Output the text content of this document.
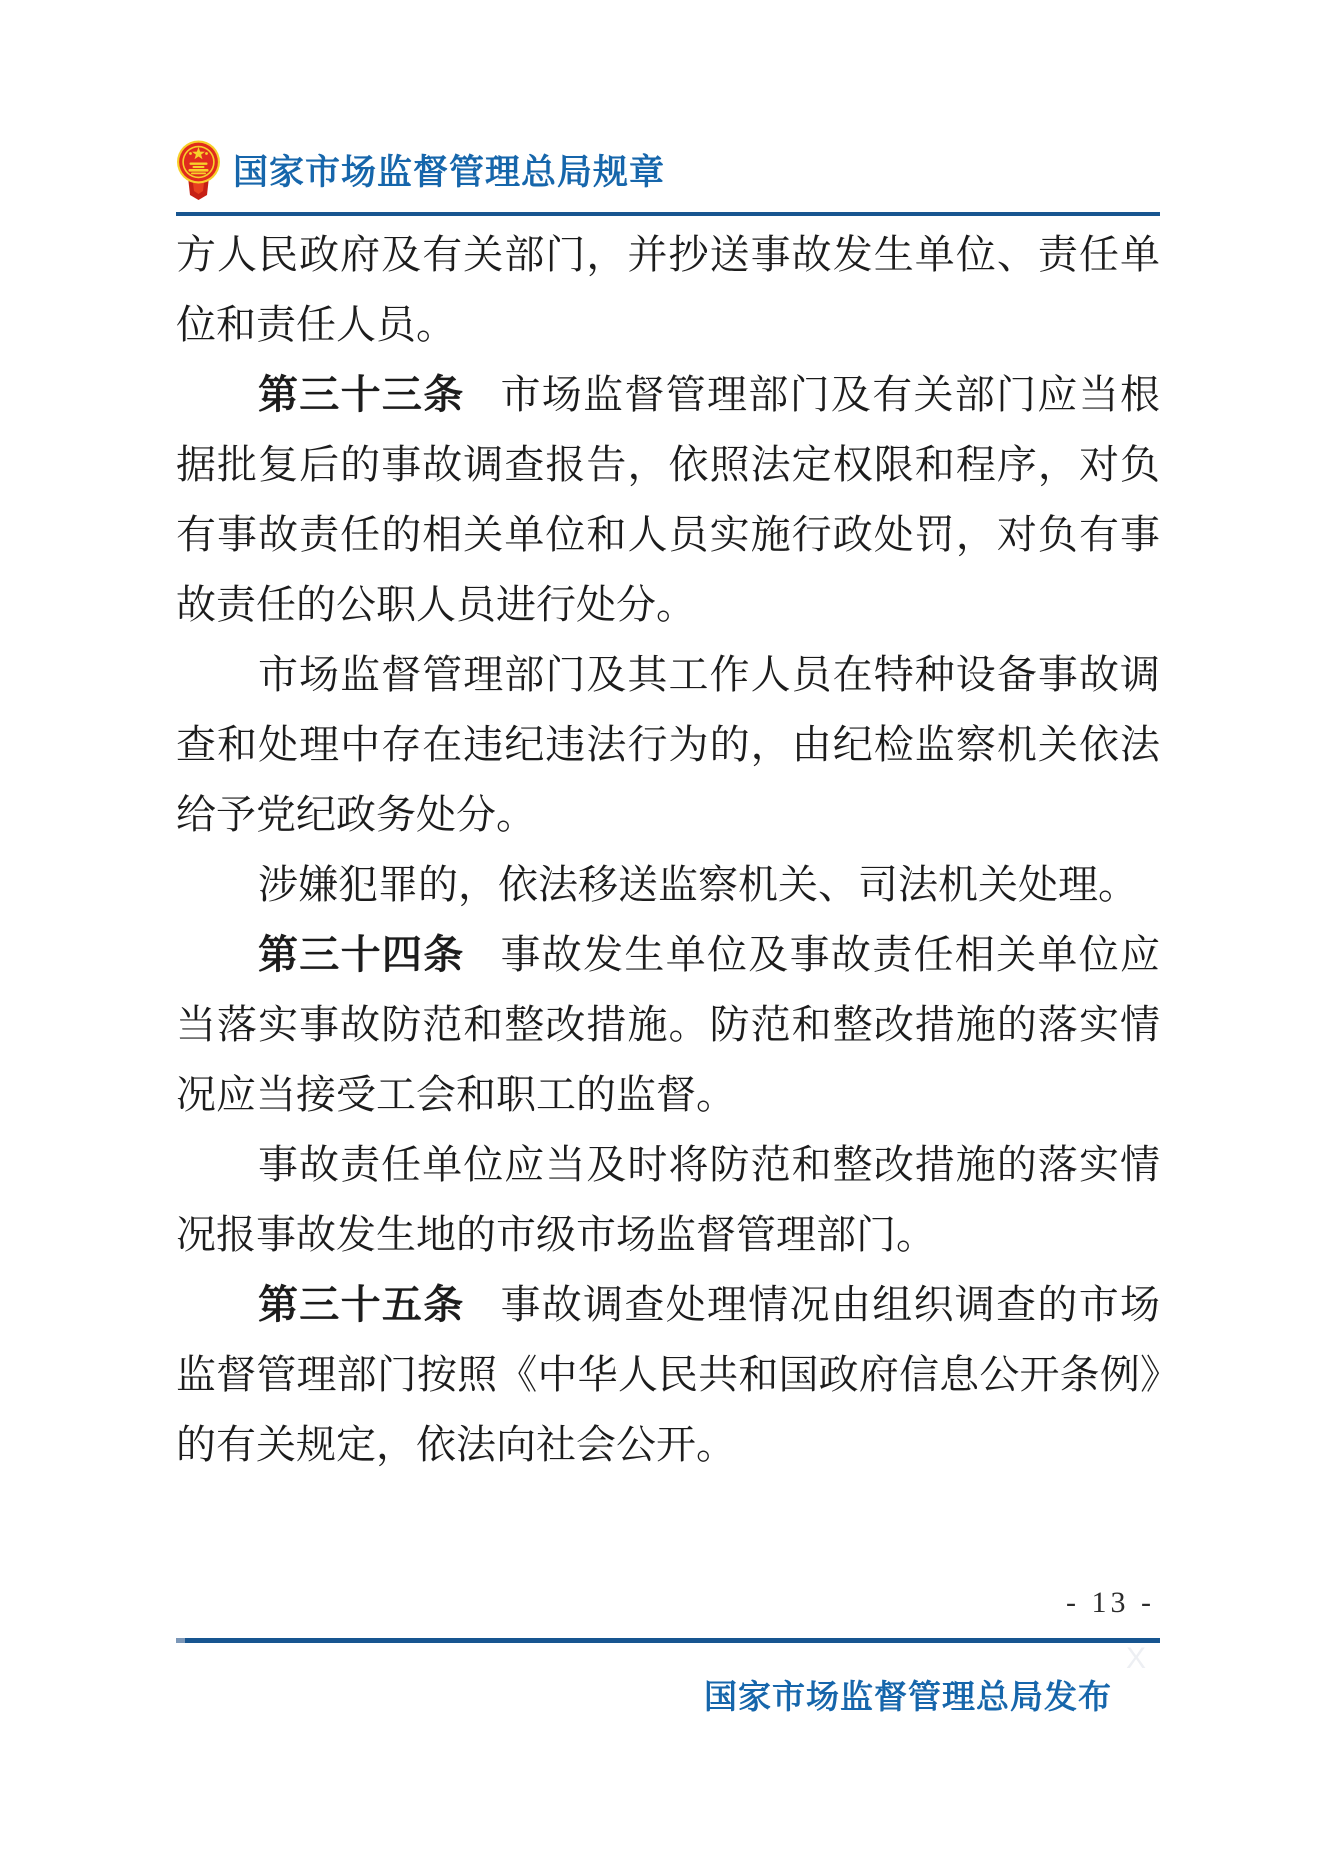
国家市场监督管理总局规章

方人民政府及有关部门，并抄送事故发生单位、责任单位和责任人员。

第三十三条 市场监督管理部门及有关部门应当根据批复后的事故调查报告，依照法定权限和程序，对负有事故责任的相关单位和人员实施行政处罚，对负有事故责任的公职人员进行处分。

市场监督管理部门及其工作人员在特种设备事故调查和处理中存在违纪违法行为的，由纪检监察机关依法给予党纪政务处分。

涉嫌犯罪的，依法移送监察机关、司法机关处理。

第三十四条 事故发生单位及事故责任相关单位应当落实事故防范和整改措施。防范和整改措施的落实情况应当接受工会和职工的监督。

事故责任单位应当及时将防范和整改措施的落实情况报事故发生地的市级市场监督管理部门。

第三十五条 事故调查处理情况由组织调查的市场监督管理部门按照《中华人民共和国政府信息公开条例》的有关规定，依法向社会公开。

- 13 -
X
国家市场监督管理总局发布
